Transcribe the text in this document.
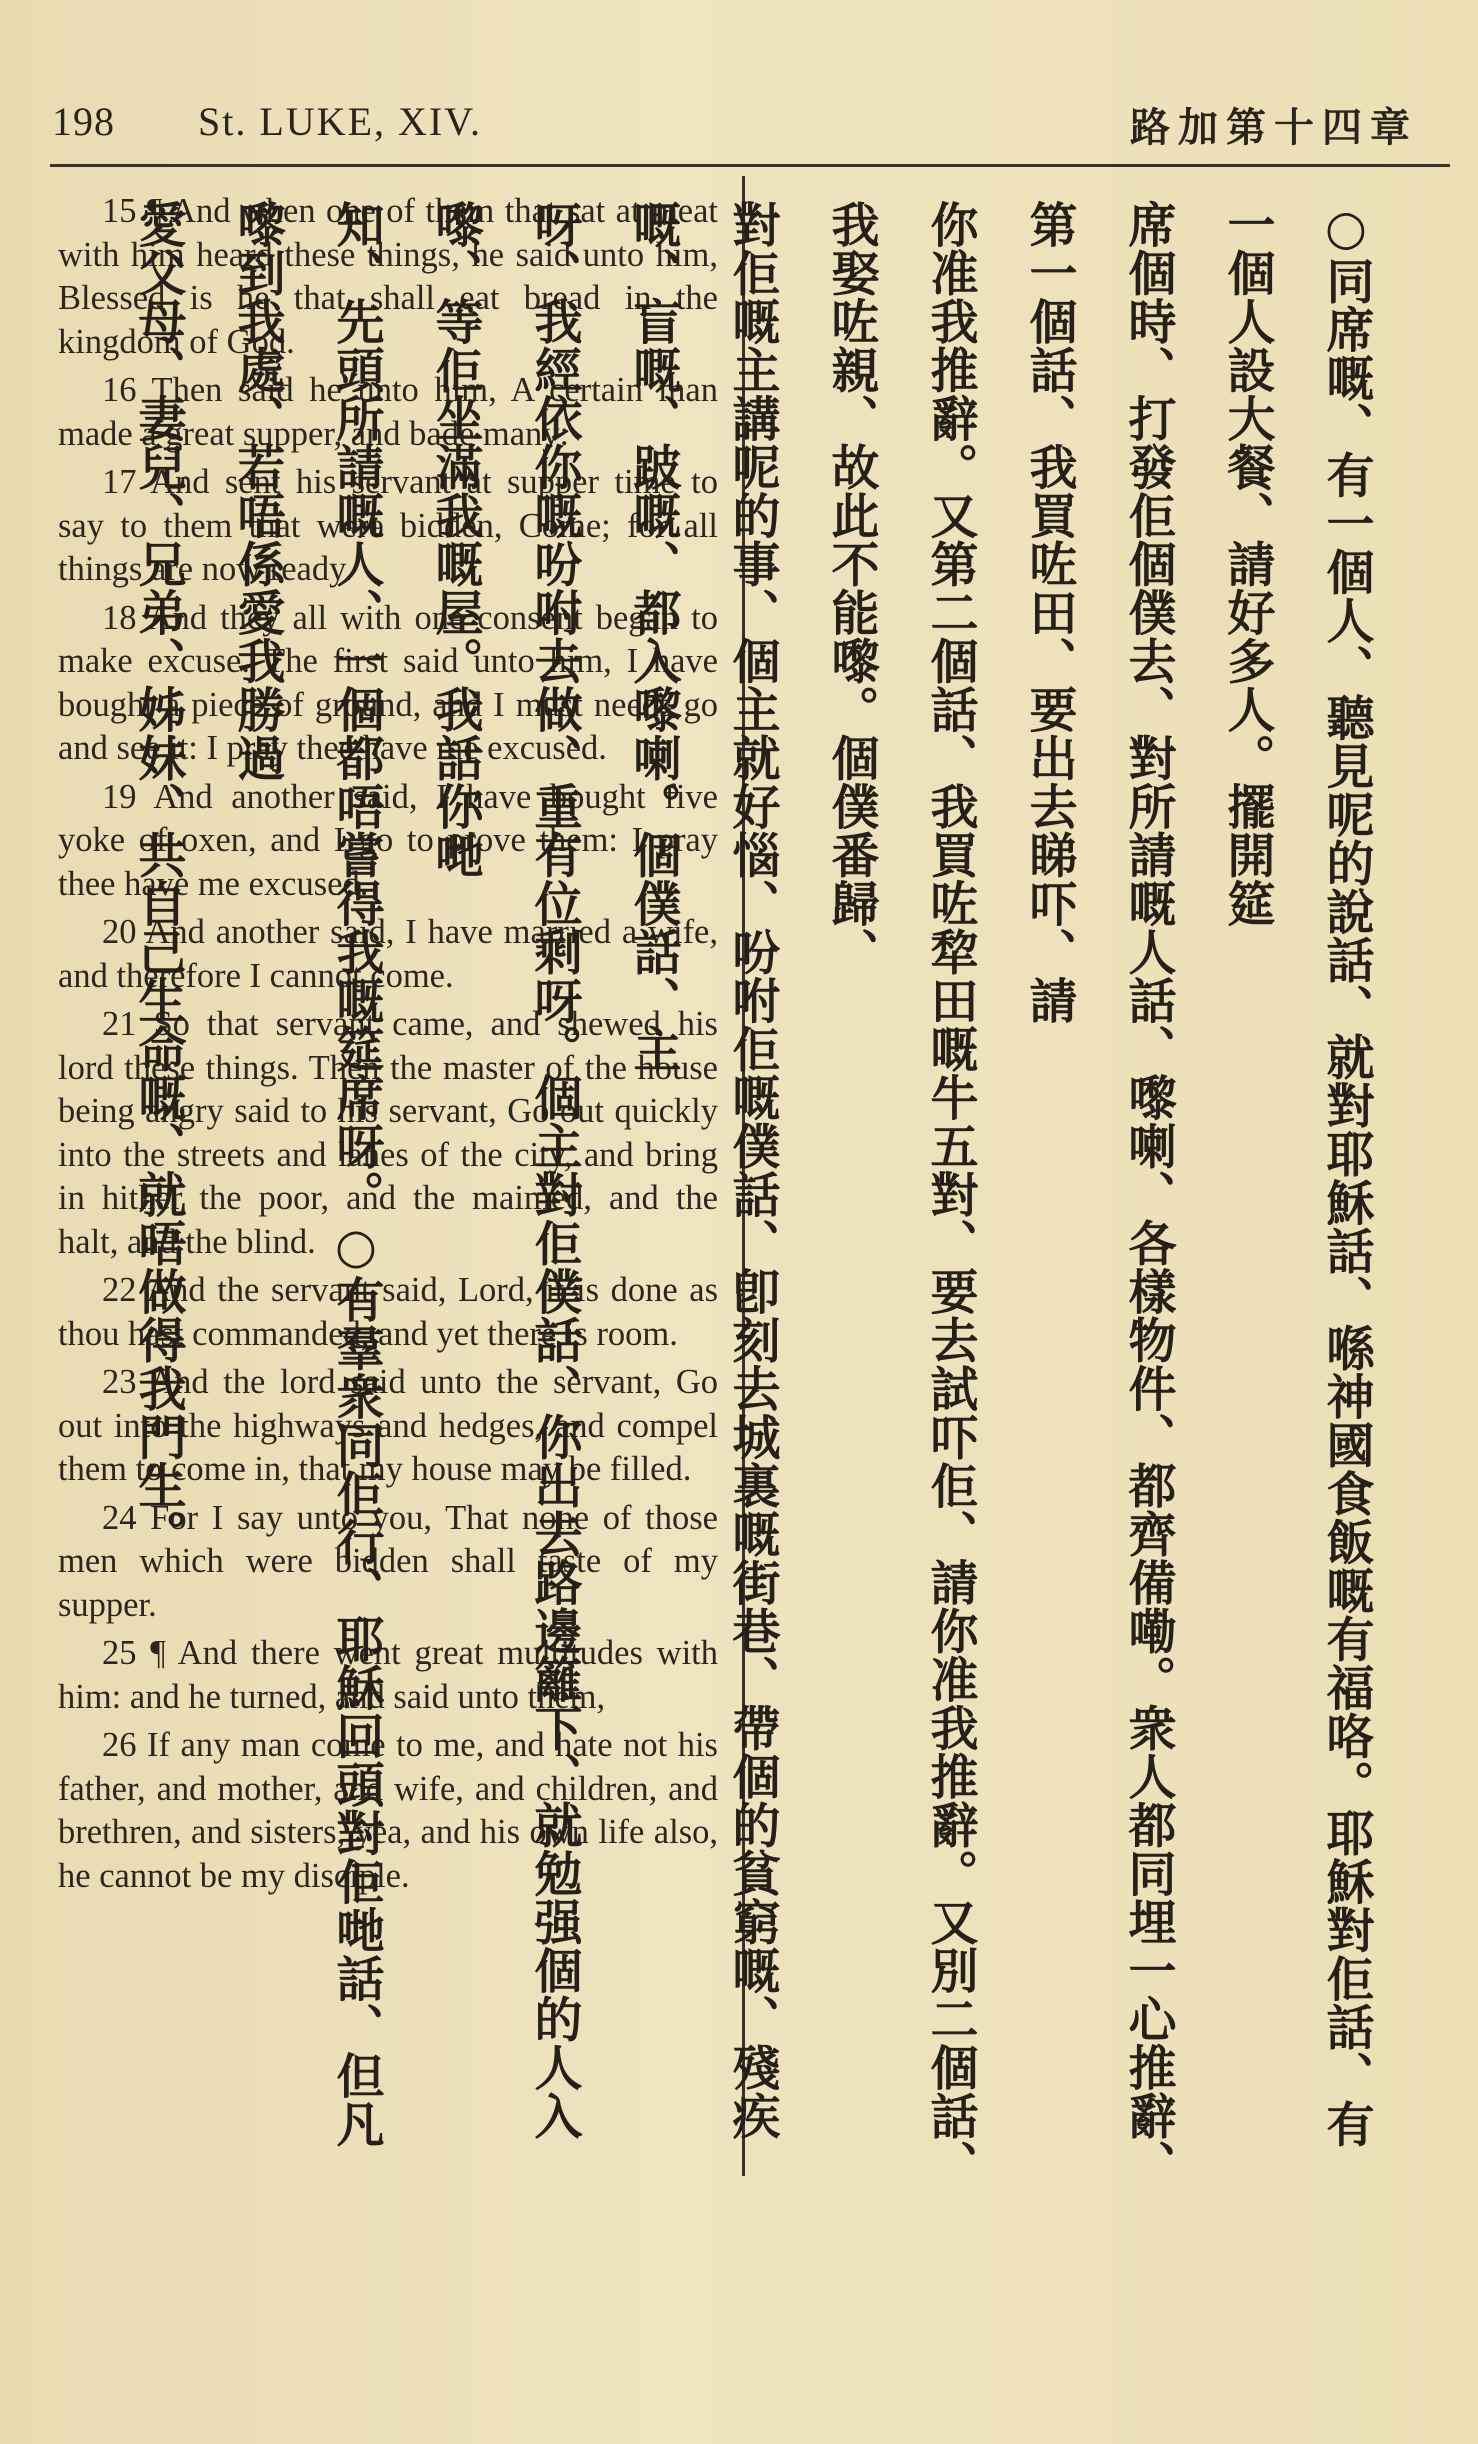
198 St. LUKE, XIV.	路加第十四章

15 ¶ And when one of them that sat at meat with him heard these things, he said unto him, Blessed is he that shall eat bread in the kingdom of God.

16 Then said he unto him, A certain man made a great supper, and bade many:

17 And sent his servant at supper time to say to them that were bidden, Come; for all things are now ready.

18 And they all with one consent began to make excuse. The first said unto him, I have bought a piece of ground, and I must needs go and see it: I pray thee have me excused.

19 And another said, I have bought five yoke of oxen, and I go to prove them: I pray thee have me excused.

20 And another said, I have married a wife, and therefore I cannot come.

21 So that servant came, and shewed his lord these things. Then the master of the house being angry said to his servant, Go out quickly into the streets and lanes of the city, and bring in hither the poor, and the maimed, and the halt, and the blind.

22 And the servant said, Lord, it is done as thou hast commanded, and yet there is room.

23 And the lord said unto the servant, Go out into the highways and hedges, and compel them to come in, that my house may be filled.

24 For I say unto you, That none of those men which were bidden shall taste of my supper.

25 ¶ And there went great multitudes with him: and he turned, and said unto them,

26 If any man come to me, and hate not his father, and mother, and wife, and children, and brethren, and sisters, yea, and his own life also, he cannot be my disciple.	○同席嘅、有一個人、聽見呢的說話、就對耶穌話、喺神國食飯嘅有福咯。耶穌對佢話、有一個人設大餐、請好多人。擺開筵
席個時、打發佢個僕去、對所請嘅人話、嚟喇、各樣物件、都齊備嘞。衆人都同埋一心推辭、第一個話、我買咗田、要出去睇吓、請
你准我推辭。又第二個話、我買咗犂田嘅牛五對、要去試吓佢、請你准我推辭。又別二個話、我娶咗親、故此不能嚟。個僕番歸、
對佢嘅主講呢的事、個主就好惱、吩咐佢嘅僕話、卽刻去城裏嘅街巷、帶個的貧窮嘅、殘疾嘅、盲嘅、跛嘅、都入嚟喇。個僕話、主
呀、我經依你嘅吩咐去做、重有位剩呀。個主對佢僕話、你出去路邊籬下、就勉强個的人入嚟、等佢坐滿我嘅屋。我話你哋
知、先頭所請嘅人、一個都唔嘗得我嘅筵席呀。○有羣衆同佢行、耶穌回頭對佢哋話、但凡嚟到我處、若唔係愛我勝過
愛父母、妻兒、兄弟、姊妹、共自己生命嘅、就唔做得我門生。
